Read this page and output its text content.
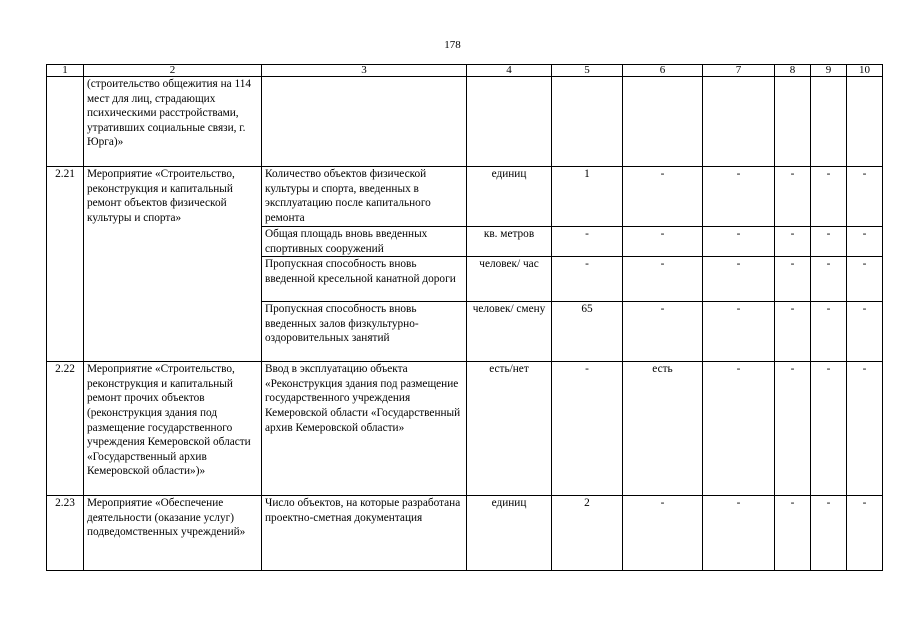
178
1	2	3	4	5	6	7	8	9	10
	(строительство общежития на 114 мест для лиц, страдающих психическими расстройствами, утративших социальные связи, г. Юрга)»								
2.21	Мероприятие «Строительство, реконструкция и капитальный ремонт объектов физической культуры и спорта»	Количество объектов физической культуры и спорта, введенных в эксплуатацию после капитального ремонта	единиц	1	-	-	-	-	-
		Общая площадь вновь введенных спортивных сооружений	кв. метров	-	-	-	-	-	-
		Пропускная способность вновь введенной кресельной канатной дороги	человек/ час	-	-	-	-	-	-
		Пропускная способность вновь введенных залов физкультурно-оздоровительных занятий	человек/ смену	65	-	-	-	-	-
2.22	Мероприятие «Строительство, реконструкция и капитальный ремонт прочих объектов (реконструкция здания под размещение государственного учреждения Кемеровской области «Государственный архив Кемеровской области»)»	Ввод в эксплуатацию объекта «Реконструкция здания под размещение государственного учреждения Кемеровской области «Государственный архив Кемеровской области»	есть/нет	-	есть	-	-	-	-
2.23	Мероприятие «Обеспечение деятельности (оказание услуг) подведомственных учреждений»	Число объектов, на которые разработана проектно-сметная документация	единиц	2	-	-	-	-	-
